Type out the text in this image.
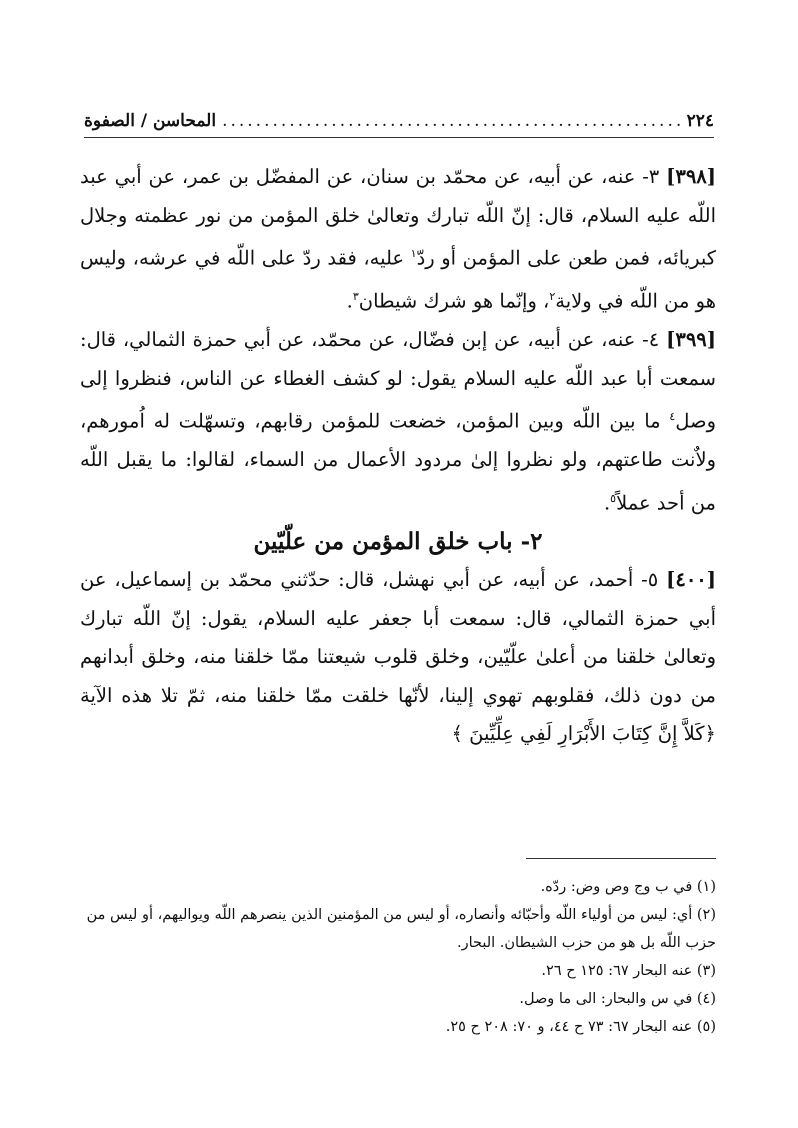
٢٢٤
.....
المحاسن / الصفوة

[٣٩٨] ٣- عنه، عن أبيه، عن محمّد بن سنان، عن المفضّل بن عمر، عن أبي عبد اللّه عليه السلام، قال: إنّ اللّه تبارك وتعالىٰ خلق المؤمن من نور عظمته وجلال كبريائه، فمن طعن على المؤمن أو ردّ$^١$ عليه، فقد ردّ على اللّه في عرشه، وليس هو من اللّه في ولاية$^٢$، وإنّما هو شرك شيطان$^٣$.

[٣٩٩] ٤- عنه، عن أبيه، عن إبن فضّال، عن محمّد، عن أبي حمزة الثمالي، قال: سمعت أبا عبد اللّه عليه السلام يقول: لو كشف الغطاء عن الناس، فنظروا إلى وصل$^٤$ ما بين اللّه وبين المؤمن، خضعت للمؤمن رقابهم، وتسهّلت له اُمورهم، ولاٌنت طاعتهم، ولو نظروا إلىٰ مردود الأعمال من السماء، لقالوا: ما يقبل اللّه من أحد عملاً$^٥$.

٢- باب خلق المؤمن من علّيّين

[٤٠٠] ٥- أحمد، عن أبيه، عن أبي نهشل، قال: حدّثني محمّد بن إسماعيل، عن أبي حمزة الثمالي، قال: سمعت أبا جعفر عليه السلام، يقول: إنّ اللّه تبارك وتعالىٰ خلقنا من أعلىٰ علّيّين، وخلق قلوب شيعتنا ممّا خلقنا منه، وخلق أبدانهم من دون ذلك، فقلوبهم تهوي إلينا، لأنّها خلقت ممّا خلقنا منه، ثمّ تلا هذه الآية ﴿كَلاَّ إِنَّ كِتَابَ الأَبْرَارِ لَفِي عِلِّيِّينَ ﴾

(١) في ب وج وص وض: ردّه.

(٢) أي: ليس من أولياء اللّه وأحبّائه وأنصاره، أو ليس من المؤمنين الذين ينصرهم اللّه ويواليهم، أو ليس من حزب اللّه بل هو من حزب الشيطان. البحار.

(٣) عنه البحار ٦٧: ١٢٥ ح ٢٦.

(٤) في س والبحار: الى ما وصل.

(٥) عنه البحار ٦٧: ٧٣ ح ٤٤، و ٧٠: ٢٠٨ ح ٢٥.
